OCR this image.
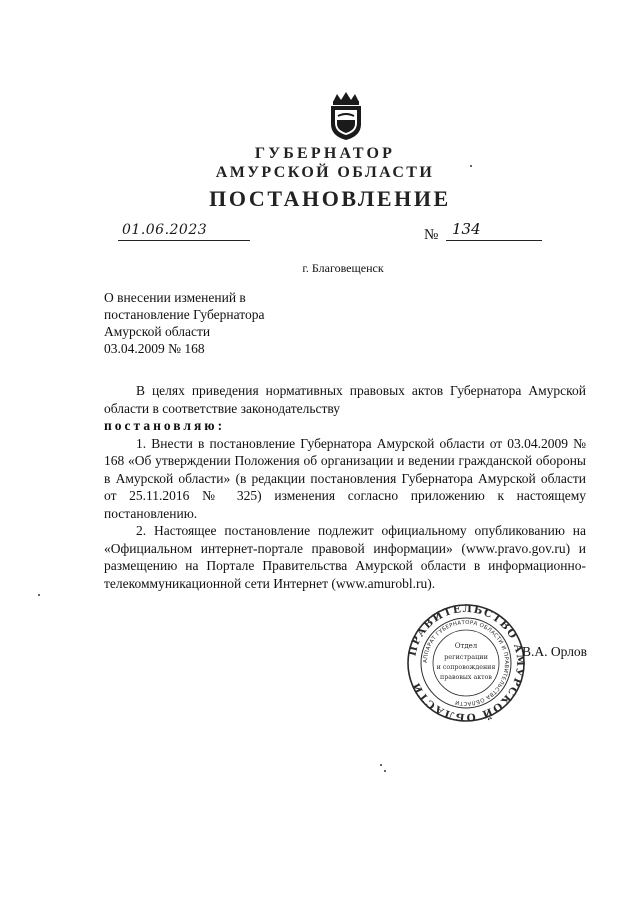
ГУБЕРНАТОР
АМУРСКОЙ ОБЛАСТИ
ПОСТАНОВЛЕНИЕ
01.06.2023	№ 134
г. Благовещенск
О внесении изменений в
постановление Губернатора
Амурской области
03.04.2009 № 168

В целях приведения нормативных правовых актов Губернатора Амурской области в соответствие законодательству

постановляю:

1. Внести в постановление Губернатора Амурской области от 03.04.2009 № 168 «Об утверждении Положения об организации и ведении гражданской обороны в Амурской области» (в редакции постановления Губернатора Амурской области от 25.11.2016 № 325) изменения согласно приложению к настоящему постановлению.

2. Настоящее постановление подлежит официальному опубликованию на «Официальном интернет-портале правовой информации» (www.pravo.gov.ru) и размещению на Портале Правительства Амурской области в информационно-телекоммуникационной сети Интернет (www.amurobl.ru).

ПРАВИТЕЛЬСТВО АМУРСКОЙ ОБЛАСТИ
АППАРАТ ГУБЕРНАТОРА ОБЛАСТИ И ПРАВИТЕЛЬСТВА ОБЛАСТИ
Отдел
регистрации
и сопровождения
правовых актов
В.А. Орлов
